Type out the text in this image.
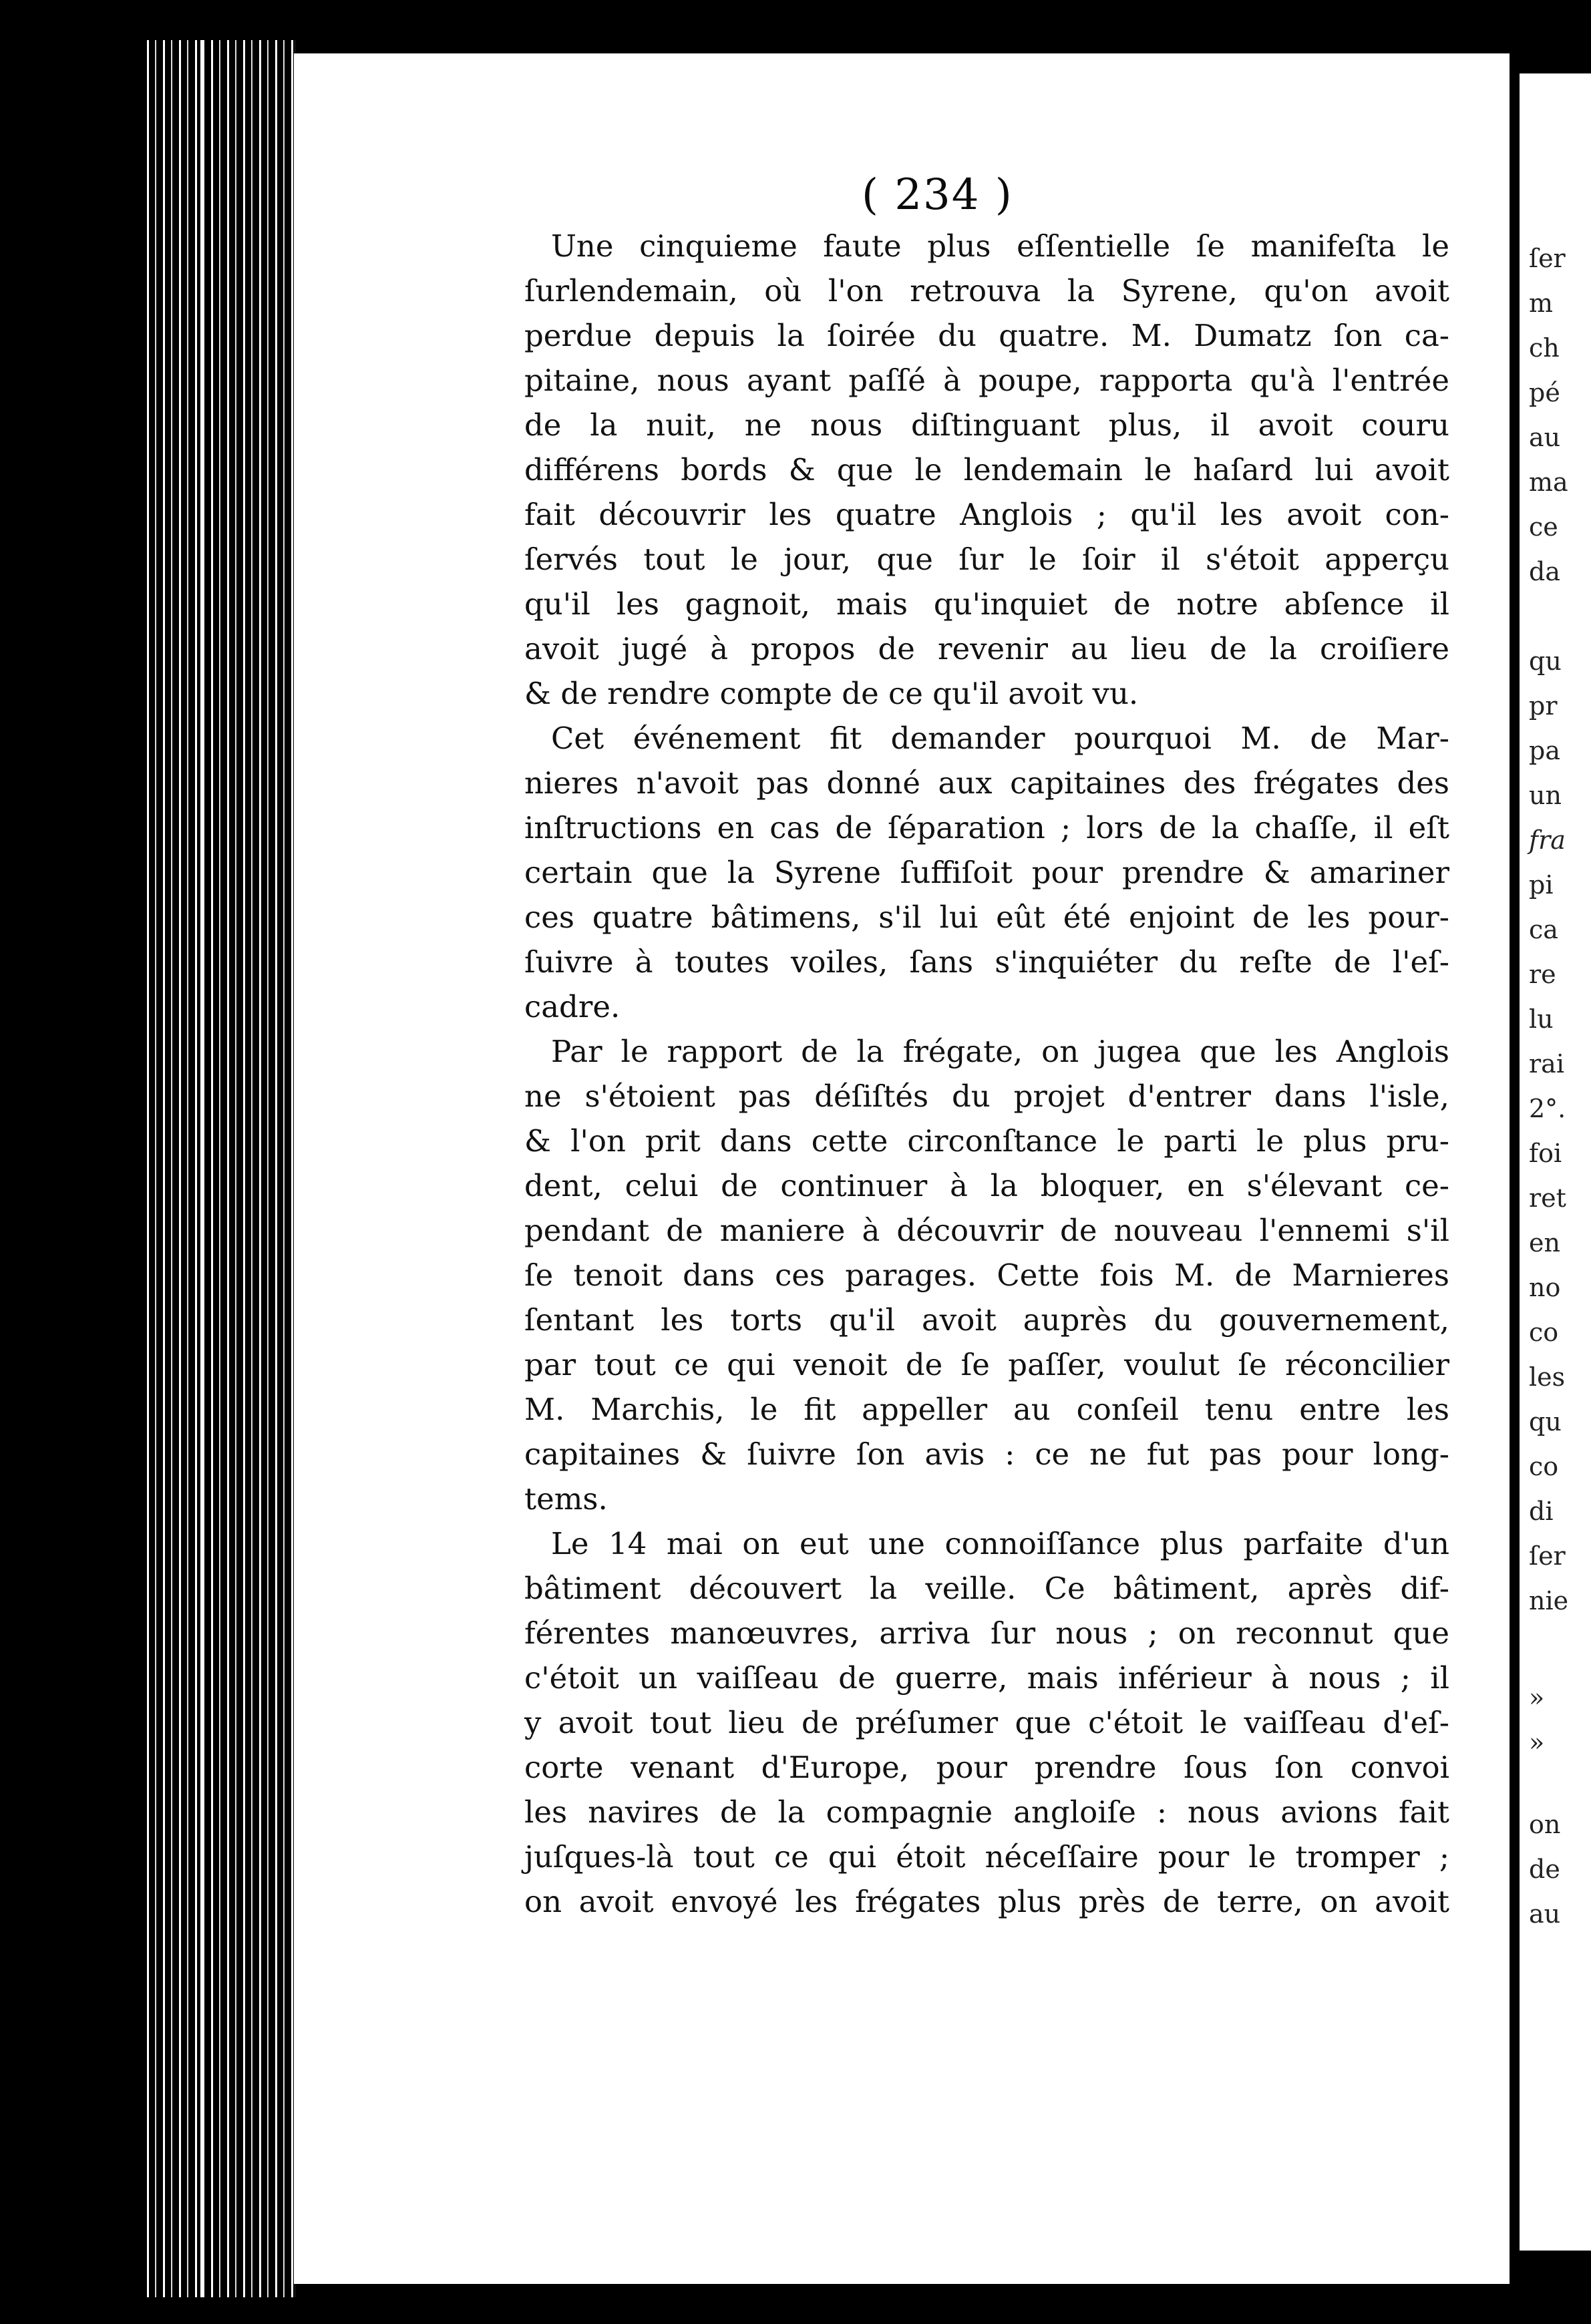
( 234 )
Une cinquieme faute plus eſſentielle ſe manifeſta le
ſurlendemain, où l'on retrouva la Syrene, qu'on avoit
perdue depuis la ſoirée du quatre. M. Dumatz ſon ca-
pitaine, nous ayant paſſé à poupe, rapporta qu'à l'entrée
de la nuit, ne nous diſtinguant plus, il avoit couru
différens bords & que le lendemain le haſard lui avoit
fait découvrir les quatre Anglois ; qu'il les avoit con-
ſervés tout le jour, que ſur le ſoir il s'étoit apperçu
qu'il les gagnoit, mais qu'inquiet de notre abſence il
avoit jugé à propos de revenir au lieu de la croiſiere
& de rendre compte de ce qu'il avoit vu.
Cet événement fit demander pourquoi M. de Mar-
nieres n'avoit pas donné aux capitaines des frégates des
inſtructions en cas de ſéparation ; lors de la chaſſe, il eſt
certain que la Syrene ſuffiſoit pour prendre & amariner
ces quatre bâtimens, s'il lui eût été enjoint de les pour-
ſuivre à toutes voiles, ſans s'inquiéter du reſte de l'eſ-
cadre.
Par le rapport de la frégate, on jugea que les Anglois
ne s'étoient pas déſiſtés du projet d'entrer dans l'isle,
& l'on prit dans cette circonſtance le parti le plus pru-
dent, celui de continuer à la bloquer, en s'élevant ce-
pendant de maniere à découvrir de nouveau l'ennemi s'il
ſe tenoit dans ces parages. Cette fois M. de Marnieres
ſentant les torts qu'il avoit auprès du gouvernement,
par tout ce qui venoit de ſe paſſer, voulut ſe réconcilier
M. Marchis, le fit appeller au conſeil tenu entre les
capitaines & ſuivre ſon avis : ce ne fut pas pour long-
tems.
Le 14 mai on eut une connoiſſance plus parfaite d'un
bâtiment découvert la veille. Ce bâtiment, après dif-
férentes manœuvres, arriva ſur nous ; on reconnut que
c'étoit un vaiſſeau de guerre, mais inférieur à nous ; il
y avoit tout lieu de préſumer que c'étoit le vaiſſeau d'eſ-
corte venant d'Europe, pour prendre ſous ſon convoi
les navires de la compagnie angloiſe : nous avions fait
juſques-là tout ce qui étoit néceſſaire pour le tromper ;
on avoit envoyé les frégates plus près de terre, on avoit
ſer
m
ch
pé
au
ma
ce
da
qu
pr
pa
un
fra
pi
ca
re
lu
rai
2°.
foi
ret
en
no
co
les
qu
co
di
ſer
nie
»
»
on
de
au
